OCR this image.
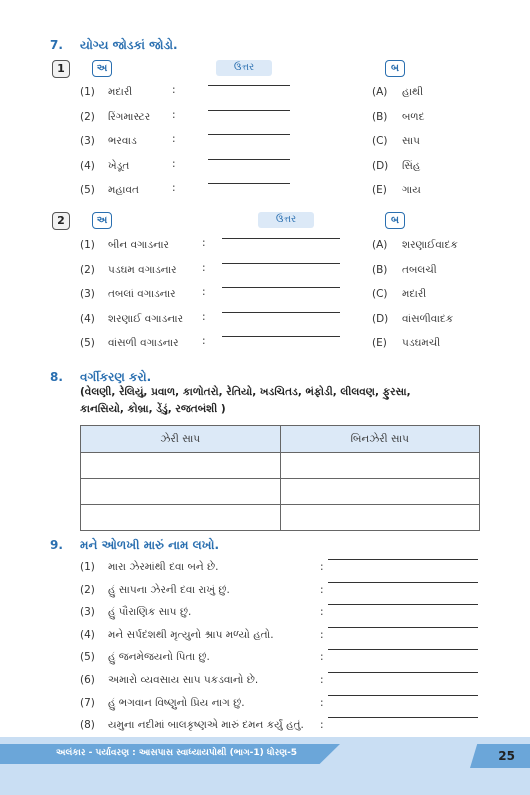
7. યોગ્ય જોડકાં જોડો.
1	અ	ઉત્તર	બ
(1) મદારી	:	(A) હાથી
(2) રિંગમાસ્ટર :	(B) બળદ
(3) ભરવાડ	:	(C) સાપ
(4) ખેડૂત	:	(D) સિંહ
(5) મહાવત	:	(E) ગાય
2	અ	ઉત્તર	બ
(1) બીન વગાડનાર	:	(A) શરણાઈવાદક
(2) પડઘમ વગાડનાર :	(B) તબલચી
(3) તબલાં વગાડનાર	:	(C) મદારી
(4) શરણાઈ વગાડનાર :	(D) વાંસળીવાદક
(5) વાંસળી વગાડનાર :	(E) પડઘમચી
8. વર્ગીકરણ કરો.
(વેલણી, રેલિયું, પ્રવાળ, કાળોતરો, રેતિયો, ખડચિતડ, ભંફોડી, લીલવણ, ફુરસા,
કાનસિયો, કોબ્રા, ડેંડું, રજતબંશી )
ઝેરી સાપ	બિનઝેરી સાપ

9. મને ઓળખી મારું નામ લખો.
(1) મારા ઝેરમાંથી દવા બને છે.	:
(2) હું સાપના ઝેરની દવા રાખું છું.	:
(3) હું પૌરાણિક સાપ છું.	:
(4) મને સર્પદંશથી મૃત્યુનો શ્રાપ મળ્યો હતો.	:
(5) હું જનમેજયનો પિતા છું.	:
(6) અમારો વ્યવસાય સાપ પકડવાનો છે.	:
(7) હું ભગવાન વિષ્ણુનો પ્રિય નાગ છું.	:
(8) યમુના નદીમાં બાલકૃષ્ણએ મારું દમન કર્યું હતું. :
અલંકાર - પર્યાવરણ : આસપાસ સ્વાધ્યાયપોથી (ભાગ-1) ધોરણ-5	25
